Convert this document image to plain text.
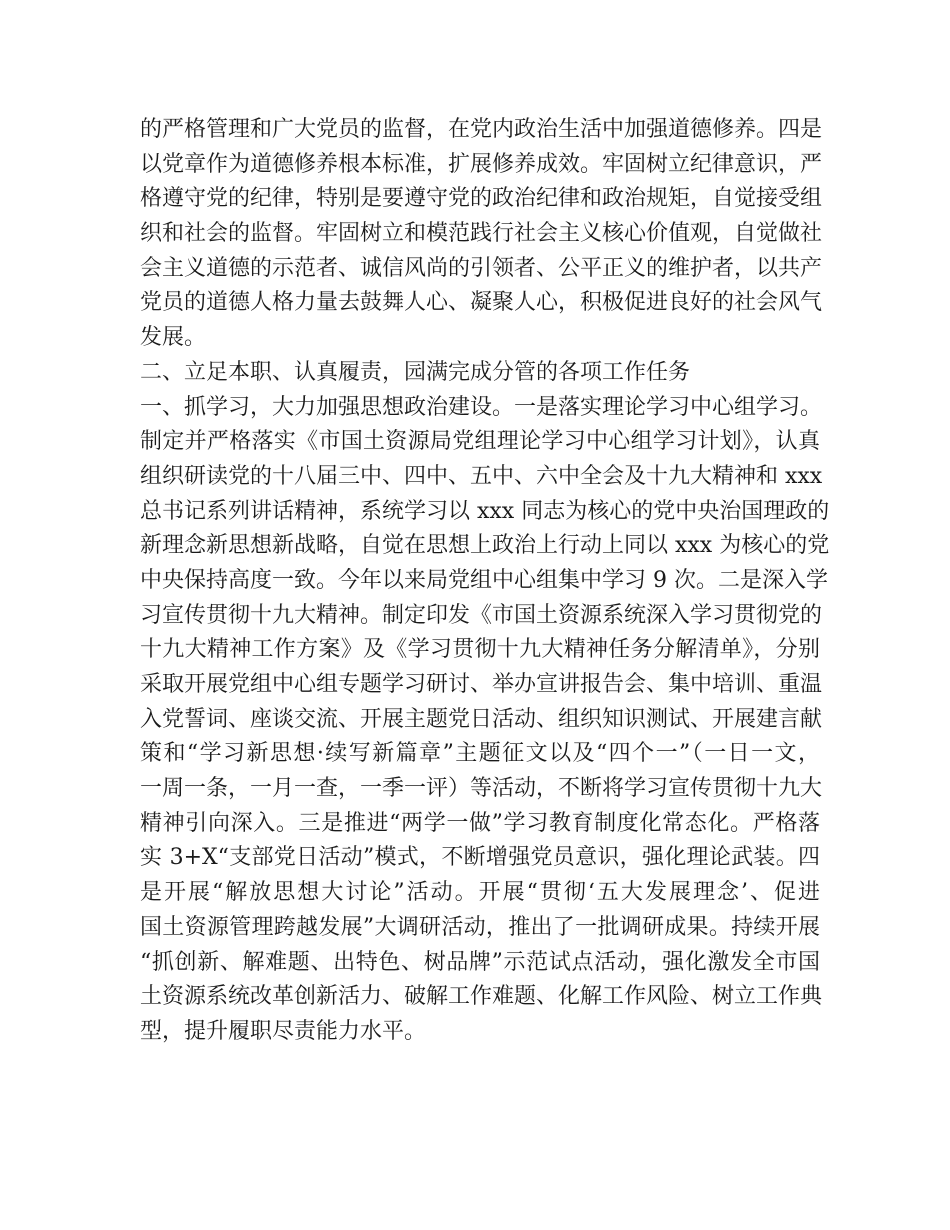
的严格管理和广大党员的监督，在党内政治生活中加强道德修养。四是
以党章作为道德修养根本标准，扩展修养成效。牢固树立纪律意识，严
格遵守党的纪律，特别是要遵守党的政治纪律和政治规矩，自觉接受组
织和社会的监督。牢固树立和模范践行社会主义核心价值观，自觉做社
会主义道德的示范者、诚信风尚的引领者、公平正义的维护者，以共产
党员的道德人格力量去鼓舞人心、凝聚人心，积极促进良好的社会风气
发展。
二、立足本职、认真履责，园满完成分管的各项工作任务
一、抓学习，大力加强思想政治建设。一是落实理论学习中心组学习。
制定并严格落实《市国土资源局党组理论学习中心组学习计划》，认真
组织研读党的十八届三中、四中、五中、六中全会及十九大精神和 xxx
总书记系列讲话精神，系统学习以 xxx 同志为核心的党中央治国理政的
新理念新思想新战略，自觉在思想上政治上行动上同以 xxx 为核心的党
中央保持高度一致。今年以来局党组中心组集中学习 9 次。二是深入学
习宣传贯彻十九大精神。制定印发《市国土资源系统深入学习贯彻党的
十九大精神工作方案》及《学习贯彻十九大精神任务分解清单》，分别
采取开展党组中心组专题学习研讨、举办宣讲报告会、集中培训、重温
入党誓词、座谈交流、开展主题党日活动、组织知识测试、开展建言献
策和“学习新思想·续写新篇章”主题征文以及“四个一”（一日一文，
一周一条，一月一查，一季一评）等活动，不断将学习宣传贯彻十九大
精神引向深入。三是推进“两学一做”学习教育制度化常态化。严格落
实 3+X“支部党日活动”模式，不断增强党员意识，强化理论武装。四
是开展“解放思想大讨论”活动。开展“贯彻‘五大发展理念’、促进
国土资源管理跨越发展”大调研活动，推出了一批调研成果。持续开展
“抓创新、解难题、出特色、树品牌”示范试点活动，强化激发全市国
土资源系统改革创新活力、破解工作难题、化解工作风险、树立工作典
型，提升履职尽责能力水平。
